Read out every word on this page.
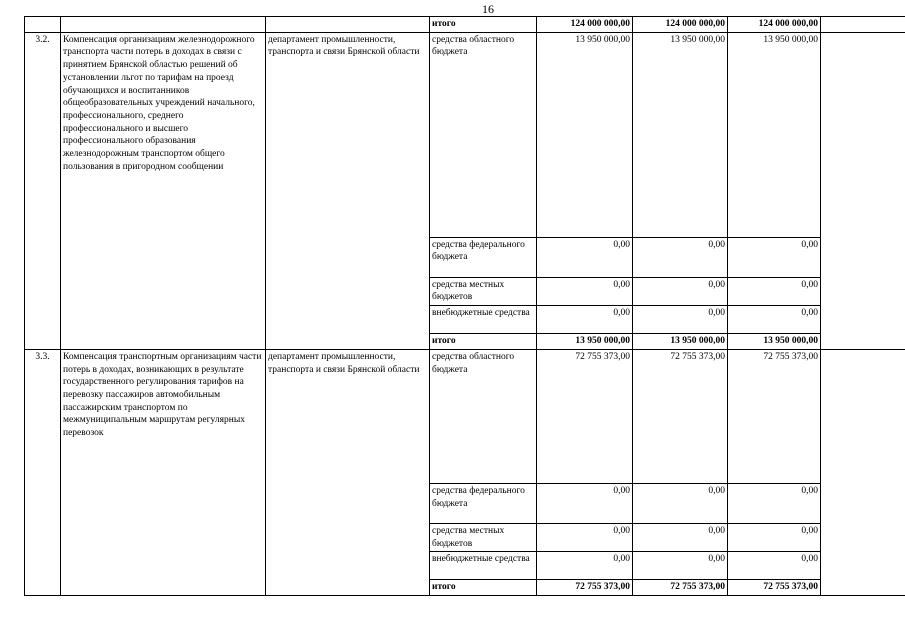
16
			итого	124 000 000,00	124 000 000,00	124 000 000,00	
3.2.	Компенсация организациям железнодорожного транспорта части потерь в доходах в связи с принятием Брянской областью решений об установлении льгот по тарифам на проезд обучающихся и воспитанников общеобразовательных учреждений начального, профессионального, среднего профессионального и высшего профессионального образования железнодорожным транспортом общего пользования в пригородном сообщении	департамент промышленности, транспорта и связи Брянской области	средства областного бюджета	13 950 000,00	13 950 000,00	13 950 000,00	
			средства федерального бюджета	0,00	0,00	0,00	
			средства местных бюджетов	0,00	0,00	0,00	
			внебюджетные средства	0,00	0,00	0,00	
			итого	13 950 000,00	13 950 000,00	13 950 000,00	
3.3.	Компенсация транспортным организациям части потерь в доходах, возникающих в результате государственного регулирования тарифов на перевозку пассажиров автомобильным пассажирским транспортом по межмуниципальным маршрутам регулярных перевозок	департамент промышленности, транспорта и связи Брянской области	средства областного бюджета	72 755 373,00	72 755 373,00	72 755 373,00	
			средства федерального бюджета	0,00	0,00	0,00	
			средства местных бюджетов	0,00	0,00	0,00	
			внебюджетные средства	0,00	0,00	0,00	
			итого	72 755 373,00	72 755 373,00	72 755 373,00	
